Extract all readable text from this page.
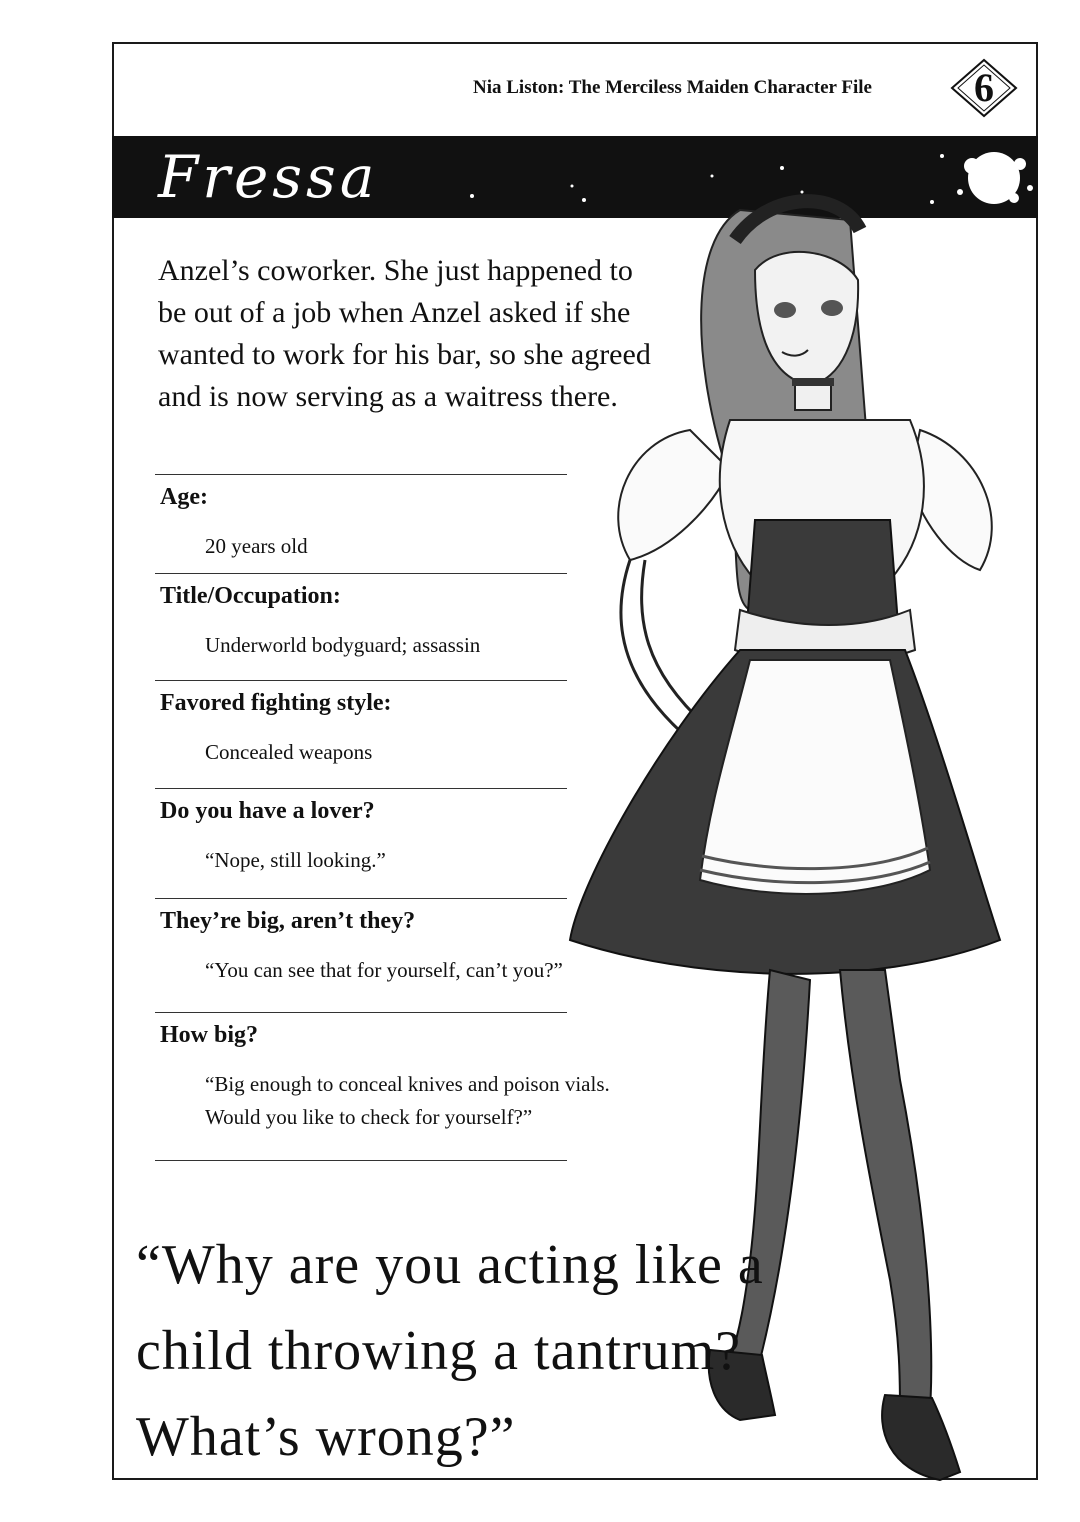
Nia Liston: The Merciless Maiden Character File	6
Fressa
Anzel’s coworker. She just happened to be out of a job when Anzel asked if she wanted to work for his bar, so she agreed and is now serving as a waitress there.
Age:
20 years old
Title/Occupation:
Underworld bodyguard; assassin
Favored fighting style:
Concealed weapons
Do you have a lover?
“Nope, still looking.”
They’re big, aren’t they?
“You can see that for yourself, can’t you?”
How big?
“Big enough to conceal knives and poison vials.
Would you like to check for yourself?”
“Why are you acting like a child throwing a tantrum? What’s wrong?”
